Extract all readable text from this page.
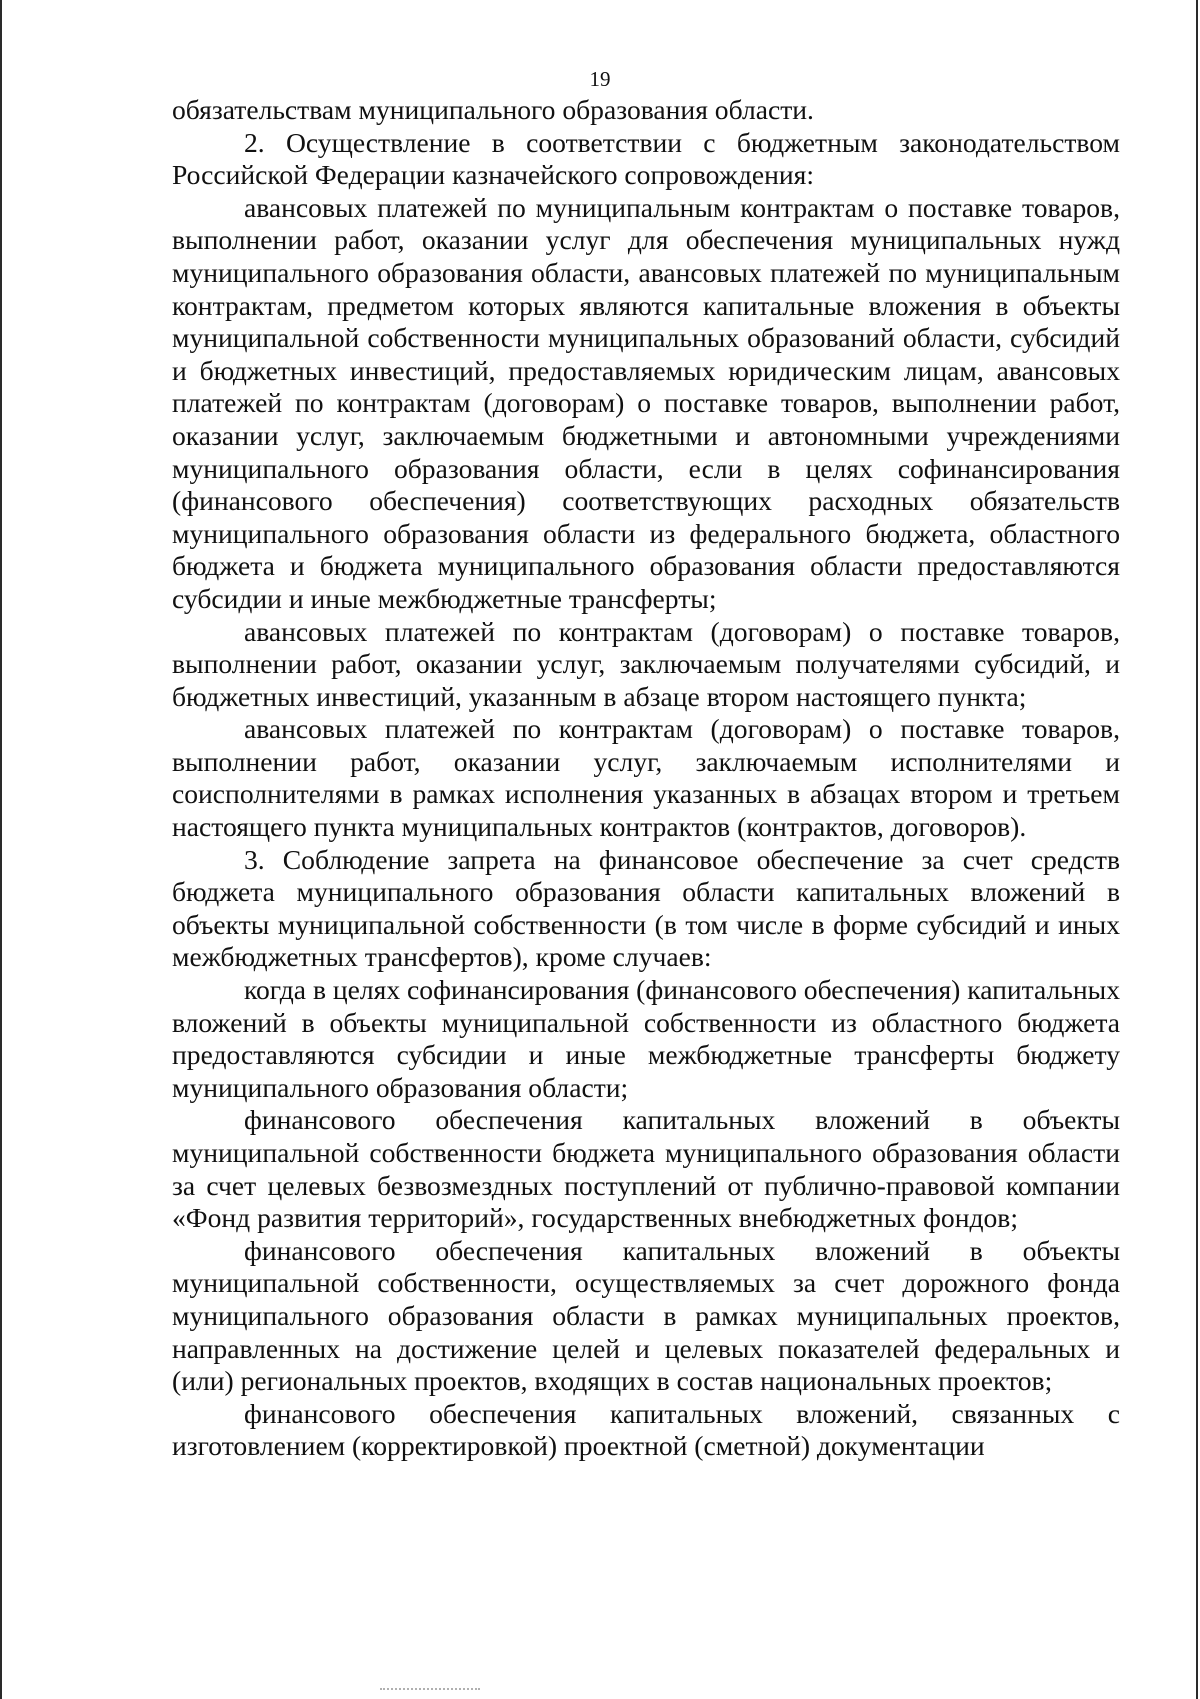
19

обязательствам муниципального образования области.

2. Осуществление в соответствии с бюджетным законодательством Российской Федерации казначейского сопровождения:

авансовых платежей по муниципальным контрактам о поставке товаров, выполнении работ, оказании услуг для обеспечения муниципальных нужд муниципального образования области, авансовых платежей по муниципальным контрактам, предметом которых являются капитальные вложения в объекты муниципальной собственности муниципальных образований области, субсидий и бюджетных инвестиций, предоставляемых юридическим лицам, авансовых платежей по контрактам (договорам) о поставке товаров, выполнении работ, оказании услуг, заключаемым бюджетными и автономными учреждениями муниципального образования области, если в целях софинансирования (финансового обеспечения) соответствующих расходных обязательств муниципального образования области из федерального бюджета, областного бюджета и бюджета муниципального образования области предоставляются субсидии и иные межбюджетные трансферты;

авансовых платежей по контрактам (договорам) о поставке товаров, выполнении работ, оказании услуг, заключаемым получателями субсидий, и бюджетных инвестиций, указанным в абзаце втором настоящего пункта;

авансовых платежей по контрактам (договорам) о поставке товаров, выполнении работ, оказании услуг, заключаемым исполнителями и соисполнителями в рамках исполнения указанных в абзацах втором и третьем настоящего пункта муниципальных контрактов (контрактов, договоров).

3. Соблюдение запрета на финансовое обеспечение за счет средств бюджета муниципального образования области капитальных вложений в объекты муниципальной собственности (в том числе в форме субсидий и иных межбюджетных трансфертов), кроме случаев:

когда в целях софинансирования (финансового обеспечения) капитальных вложений в объекты муниципальной собственности из областного бюджета предоставляются субсидии и иные межбюджетные трансферты бюджету муниципального образования области;

финансового обеспечения капитальных вложений в объекты муниципальной собственности бюджета муниципального образования области за счет целевых безвозмездных поступлений от публично-правовой компании «Фонд развития территорий», государственных внебюджетных фондов;

финансового обеспечения капитальных вложений в объекты муниципальной собственности, осуществляемых за счет дорожного фонда муниципального образования области в рамках муниципальных проектов, направленных на достижение целей и целевых показателей федеральных и (или) региональных проектов, входящих в состав национальных проектов;

финансового обеспечения капитальных вложений, связанных с изготовлением (корректировкой) проектной (сметной) документации
